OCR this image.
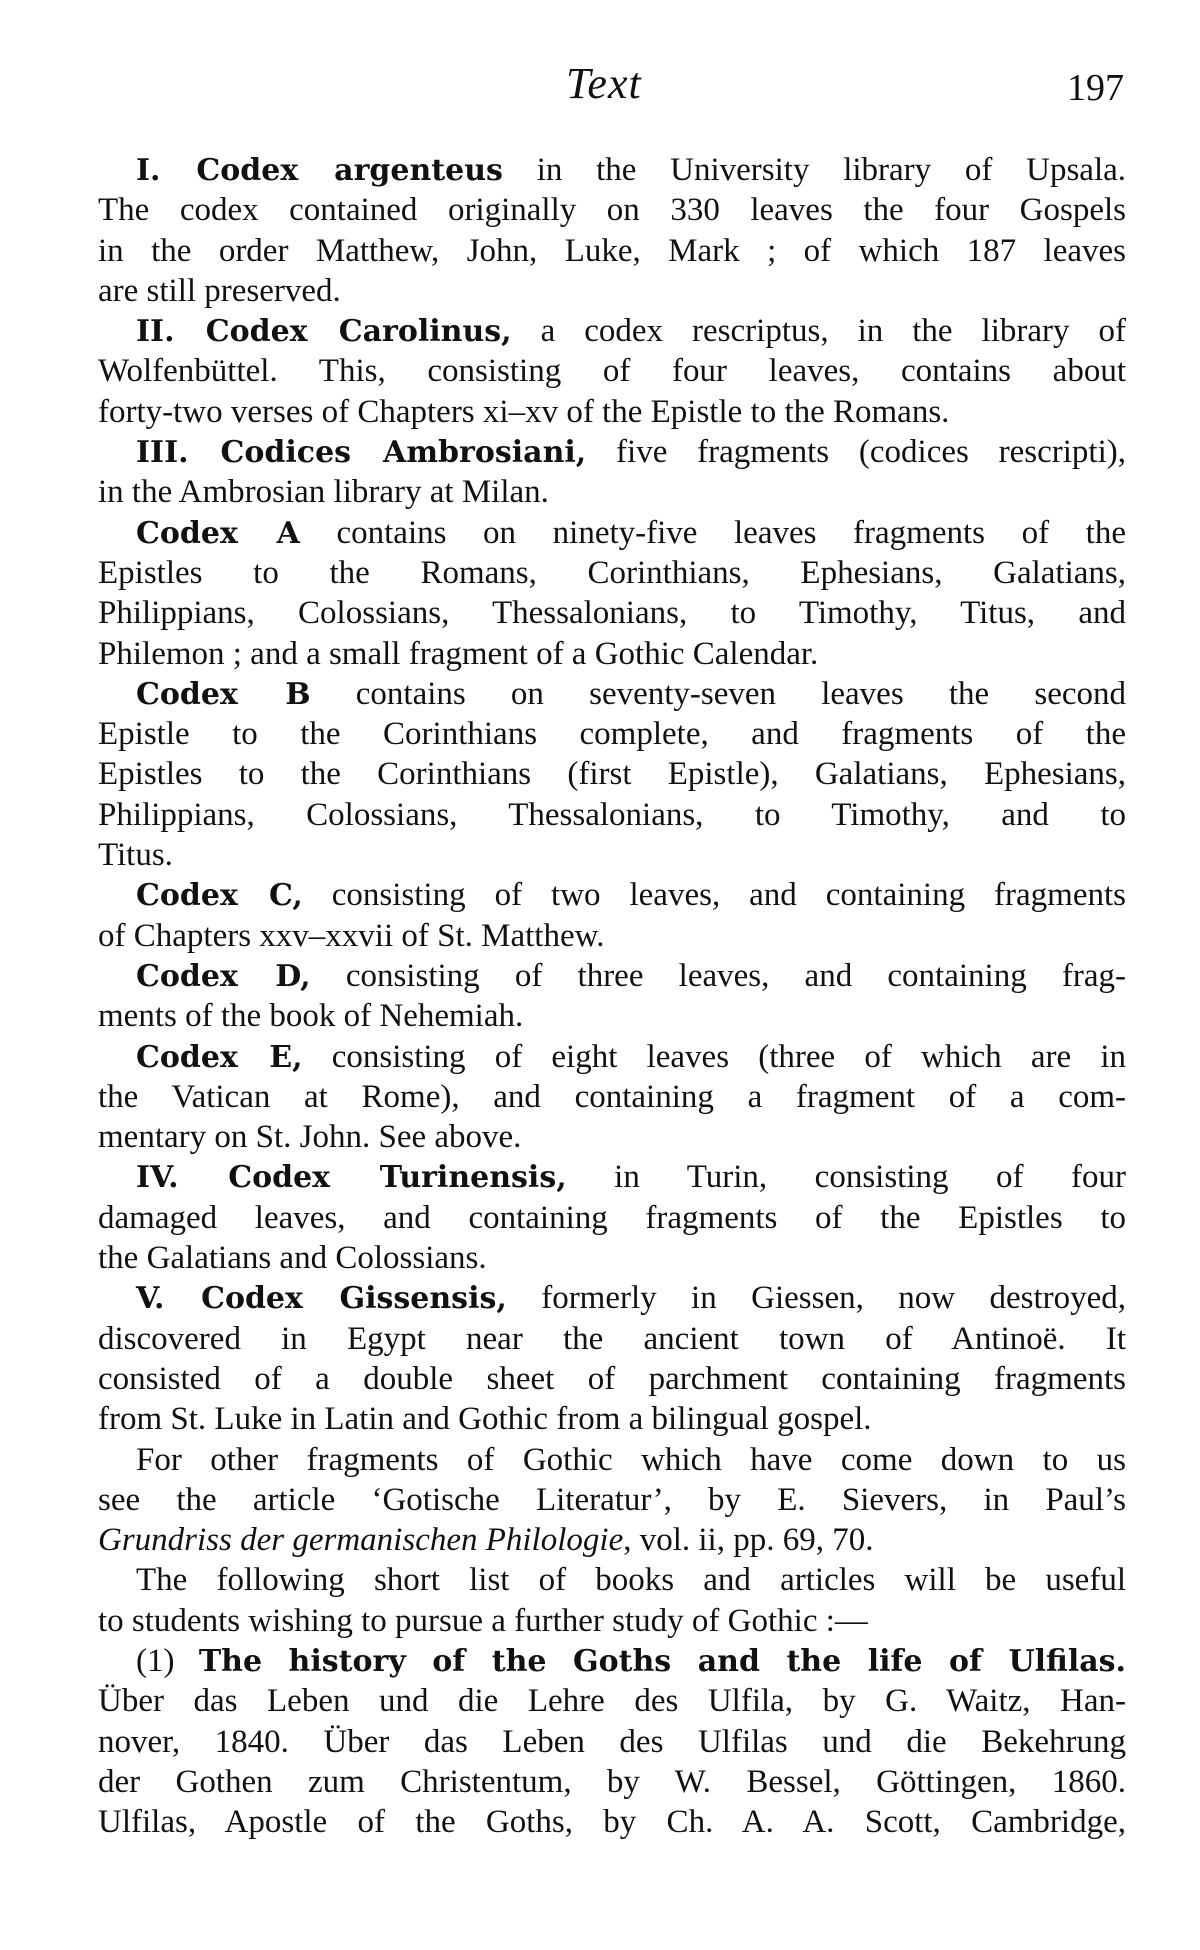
Text	197
I. Codex argenteus in the University library of Upsala.
The codex contained originally on 330 leaves the four Gospels
in the order Matthew, John, Luke, Mark ; of which 187 leaves
are still preserved.
II. Codex Carolinus, a codex rescriptus, in the library of
Wolfenbüttel. This, consisting of four leaves, contains about
forty-two verses of Chapters xi–xv of the Epistle to the Romans.
III. Codices Ambrosiani, five fragments (codices rescripti),
in the Ambrosian library at Milan.
Codex A contains on ninety-five leaves fragments of the
Epistles to the Romans, Corinthians, Ephesians, Galatians,
Philippians, Colossians, Thessalonians, to Timothy, Titus, and
Philemon ; and a small fragment of a Gothic Calendar.
Codex B contains on seventy-seven leaves the second
Epistle to the Corinthians complete, and fragments of the
Epistles to the Corinthians (first Epistle), Galatians, Ephesians,
Philippians, Colossians, Thessalonians, to Timothy, and to
Titus.
Codex C, consisting of two leaves, and containing fragments
of Chapters xxv–xxvii of St. Matthew.
Codex D, consisting of three leaves, and containing frag-
ments of the book of Nehemiah.
Codex E, consisting of eight leaves (three of which are in
the Vatican at Rome), and containing a fragment of a com-
mentary on St. John. See above.
IV. Codex Turinensis, in Turin, consisting of four
damaged leaves, and containing fragments of the Epistles to
the Galatians and Colossians.
V. Codex Gissensis, formerly in Giessen, now destroyed,
discovered in Egypt near the ancient town of Antinoë. It
consisted of a double sheet of parchment containing fragments
from St. Luke in Latin and Gothic from a bilingual gospel.
For other fragments of Gothic which have come down to us
see the article ‘Gotische Literatur’, by E. Sievers, in Paul’s
Grundriss der germanischen Philologie, vol. ii, pp. 69, 70.
The following short list of books and articles will be useful
to students wishing to pursue a further study of Gothic :—
(1) The history of the Goths and the life of Ulfilas.
Über das Leben und die Lehre des Ulfila, by G. Waitz, Han-
nover, 1840. Über das Leben des Ulfilas und die Bekehrung
der Gothen zum Christentum, by W. Bessel, Göttingen, 1860.
Ulfilas, Apostle of the Goths, by Ch. A. A. Scott, Cambridge,
